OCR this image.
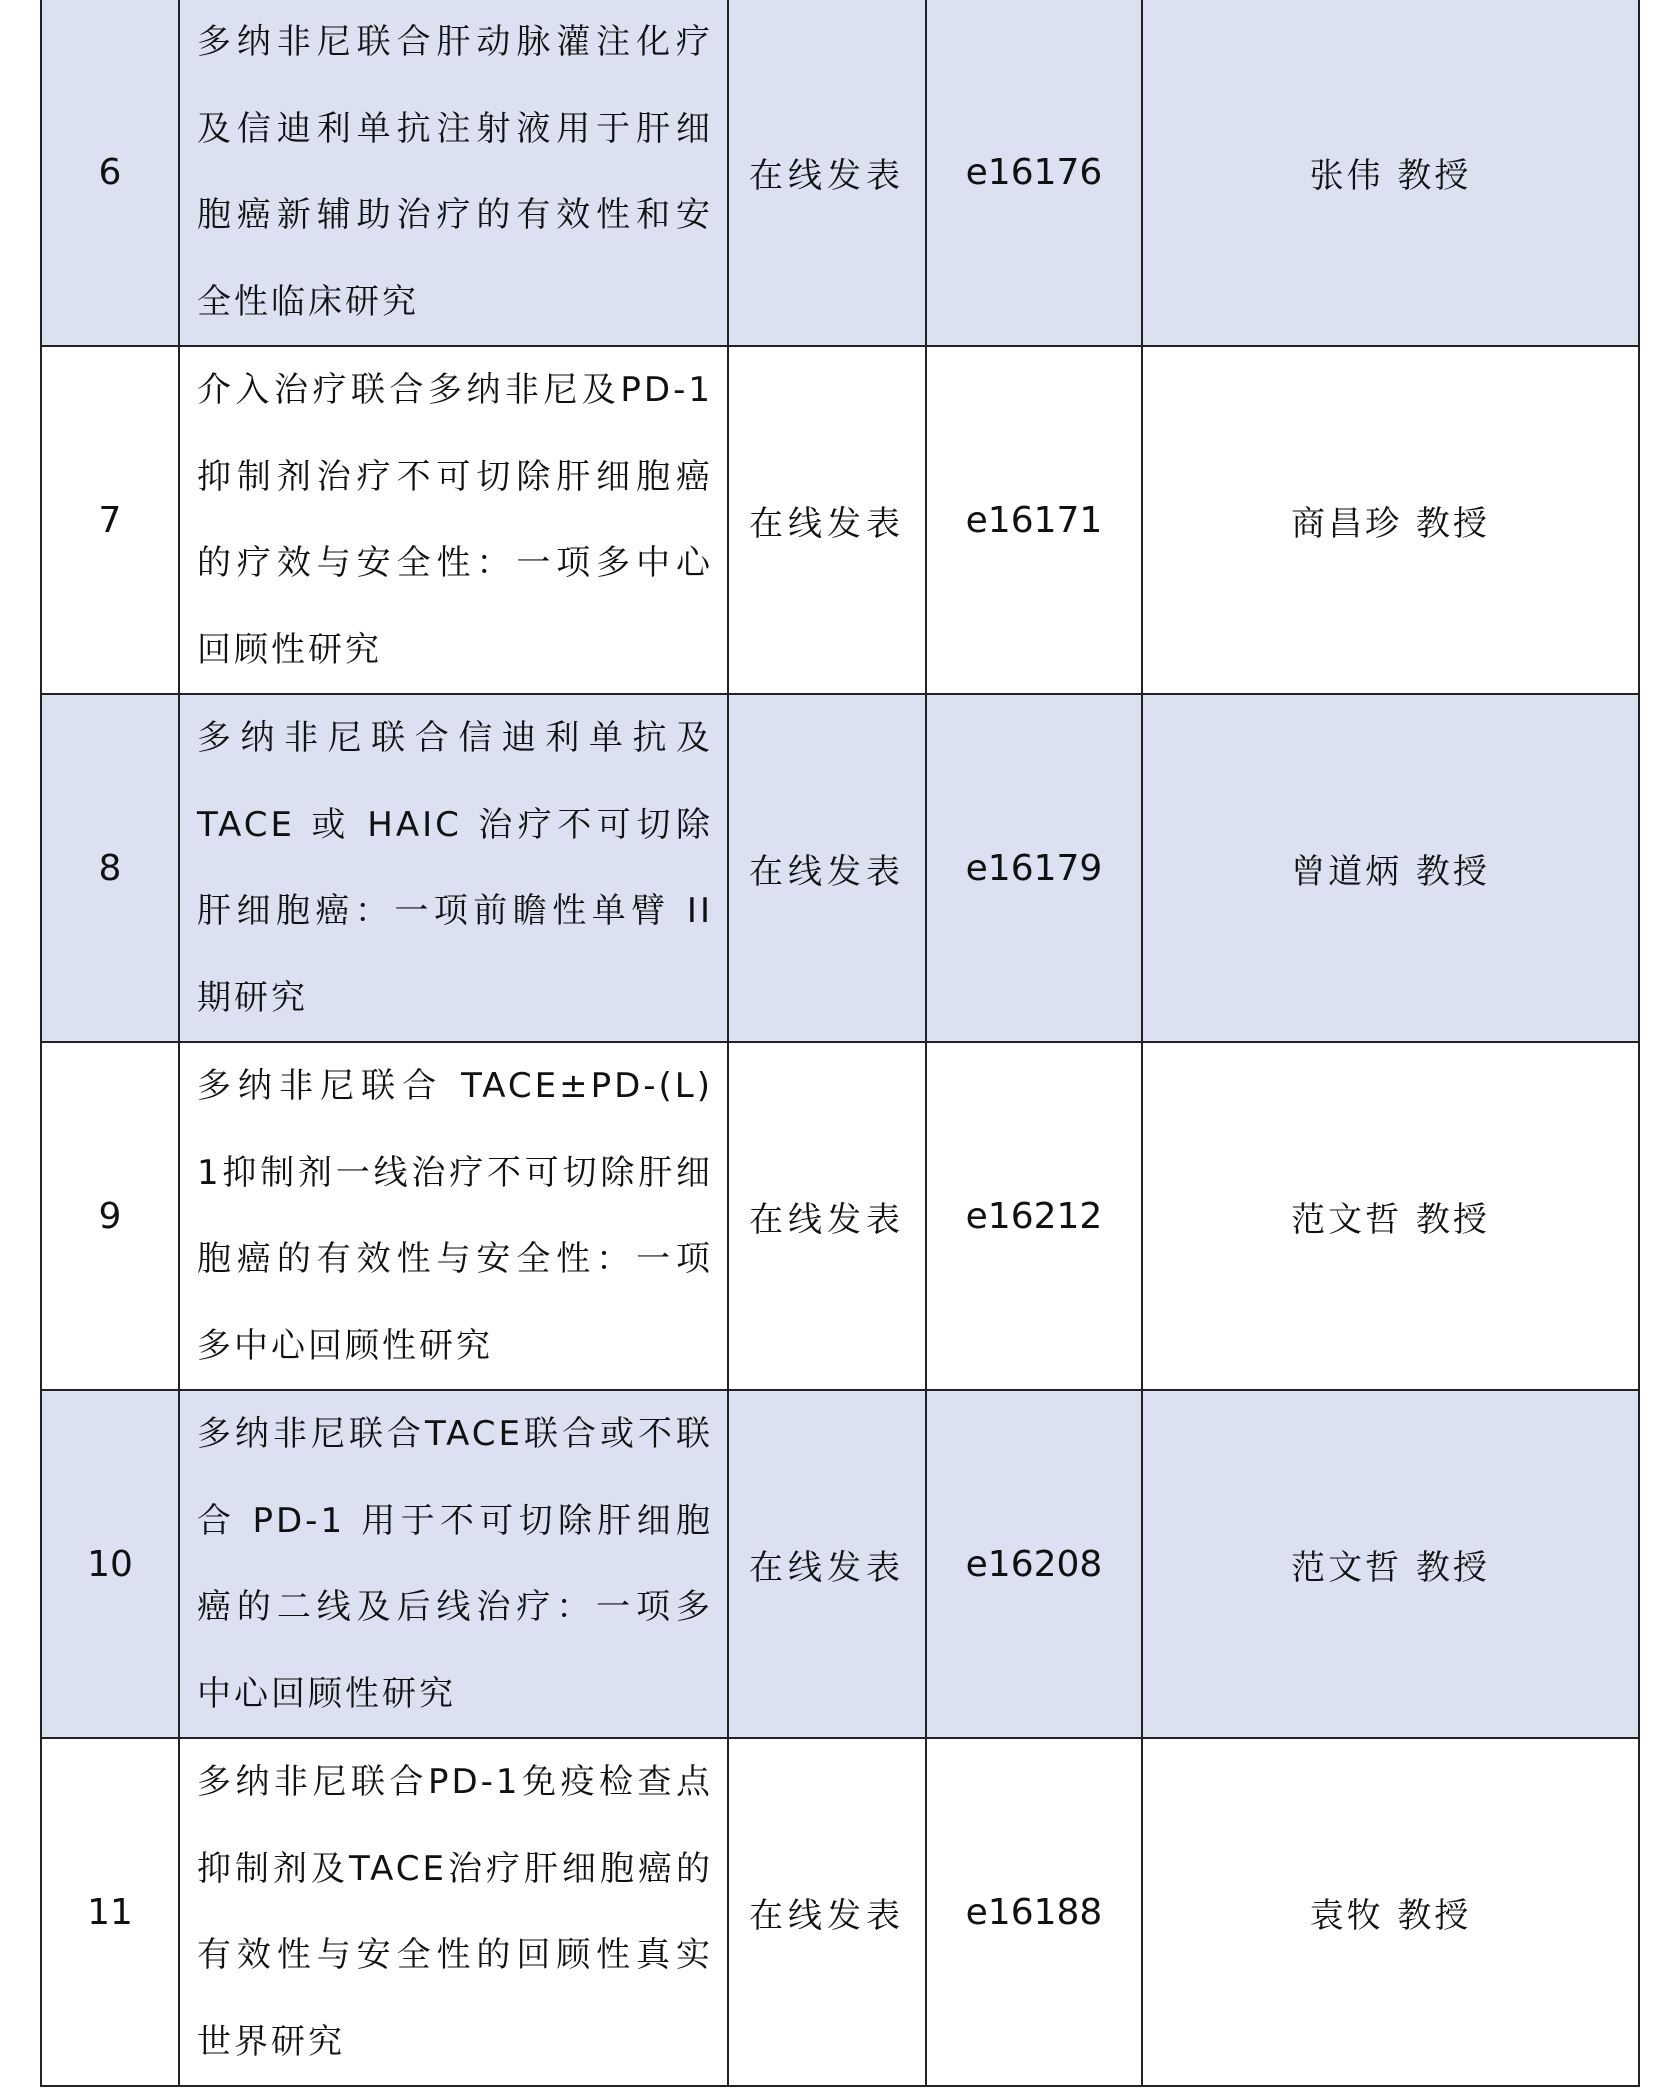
6	多纳非尼联合肝动脉灌注化疗及信迪利单抗注射液用于肝细胞癌新辅助治疗的有效性和安全性临床研究	在线发表	e16176	张伟 教授
7	介入治疗联合多纳非尼及PD-1 抑制剂治疗不可切除肝细胞癌的疗效与安全性：一项多中心回顾性研究	在线发表	e16171	商昌珍 教授
8	多纳非尼联合信迪利单抗及TACE 或 HAIC 治疗不可切除肝细胞癌：一项前瞻性单臂 II 期研究	在线发表	e16179	曾道炳 教授
9	多纳非尼联合 TACE±PD-(L) 1抑制剂一线治疗不可切除肝细胞癌的有效性与安全性：一项多中心回顾性研究	在线发表	e16212	范文哲 教授
10	多纳非尼联合TACE联合或不联合 PD-1 用于不可切除肝细胞癌的二线及后线治疗：一项多中心回顾性研究	在线发表	e16208	范文哲 教授
11	多纳非尼联合PD-1免疫检查点抑制剂及TACE治疗肝细胞癌的有效性与安全性的回顾性真实世界研究	在线发表	e16188	袁牧 教授
